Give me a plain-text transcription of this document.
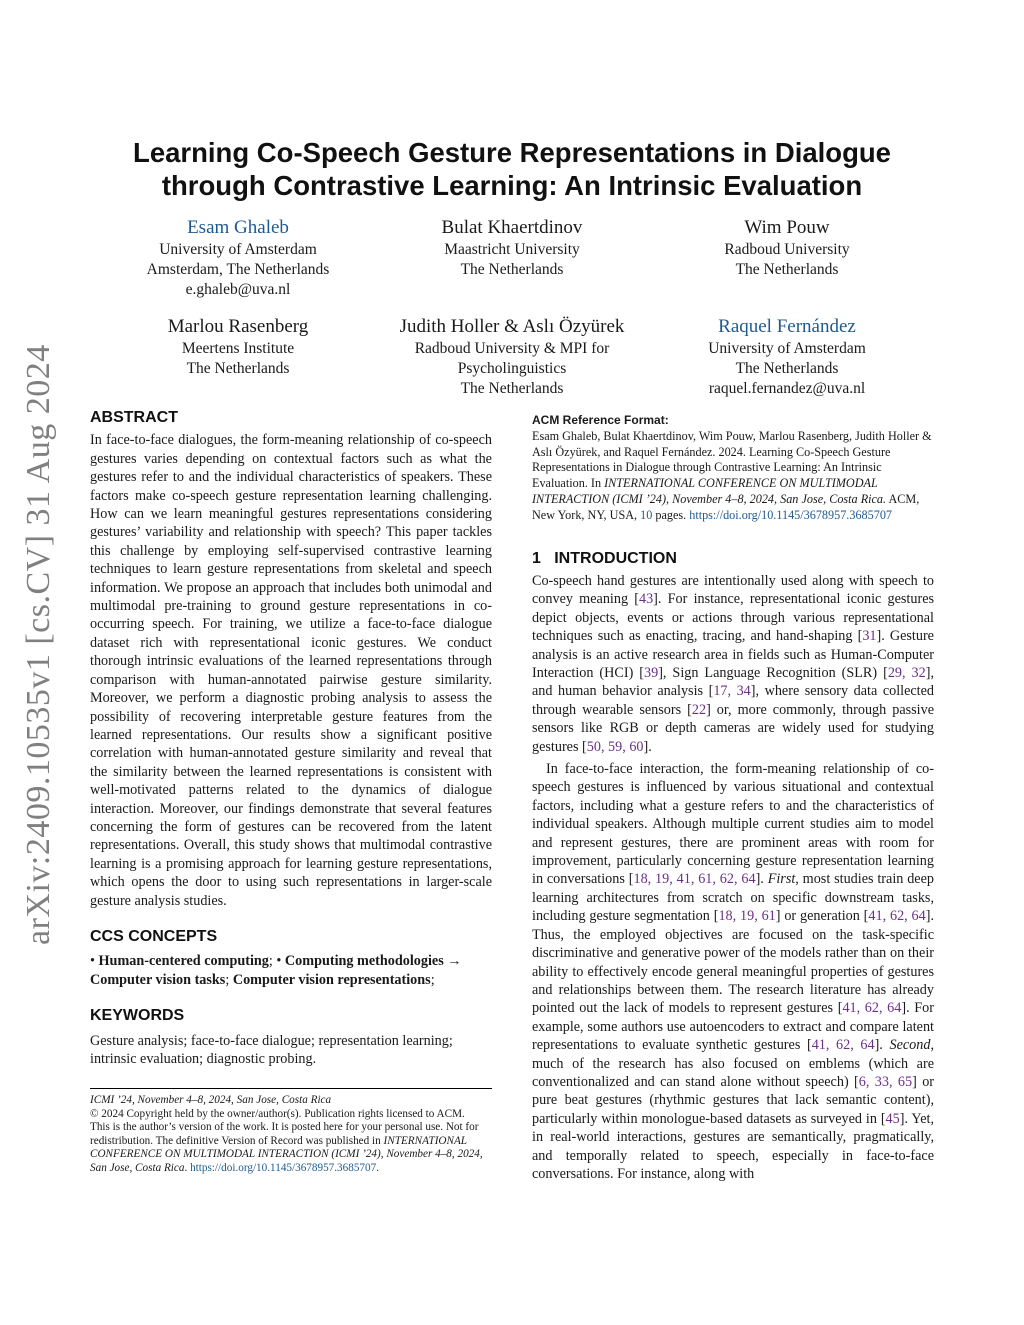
arXiv:2409.10535v1 [cs.CV] 31 Aug 2024
Learning Co-Speech Gesture Representations in Dialogue
through Contrastive Learning: An Intrinsic Evaluation
Esam Ghaleb
University of Amsterdam
Amsterdam, The Netherlands
e.ghaleb@uva.nl
Bulat Khaertdinov
Maastricht University
The Netherlands
Wim Pouw
Radboud University
The Netherlands
Marlou Rasenberg
Meertens Institute
The Netherlands
Judith Holler & Aslı Özyürek
Radboud University & MPI for
Psycholinguistics
The Netherlands
Raquel Fernández
University of Amsterdam
The Netherlands
raquel.fernandez@uva.nl
ABSTRACT

In face-to-face dialogues, the form-meaning relationship of co-speech gestures varies depending on contextual factors such as what the gestures refer to and the individual characteristics of speakers. These factors make co-speech gesture representation learning challenging. How can we learn meaningful gestures representations considering gestures’ variability and relationship with speech? This paper tackles this challenge by employing self-supervised contrastive learning techniques to learn gesture representations from skeletal and speech information. We propose an approach that includes both unimodal and multimodal pre-training to ground gesture representations in co-occurring speech. For training, we utilize a face-to-face dialogue dataset rich with representational iconic gestures. We conduct thorough intrinsic evaluations of the learned representations through comparison with human-annotated pairwise gesture similarity. Moreover, we perform a diagnostic probing analysis to assess the possibility of recovering interpretable gesture features from the learned representations. Our results show a significant positive correlation with human-annotated gesture similarity and reveal that the similarity between the learned representations is consistent with well-motivated patterns related to the dynamics of dialogue interaction. Moreover, our findings demonstrate that several features concerning the form of gestures can be recovered from the latent representations. Overall, this study shows that multimodal contrastive learning is a promising approach for learning gesture representations, which opens the door to using such representations in larger-scale gesture analysis studies.

CCS CONCEPTS

• Human-centered computing; • Computing methodologies → Computer vision tasks; Computer vision representations;

KEYWORDS

Gesture analysis; face-to-face dialogue; representation learning; intrinsic evaluation; diagnostic probing.

ICMI ’24, November 4–8, 2024, San Jose, Costa Rica
© 2024 Copyright held by the owner/author(s). Publication rights licensed to ACM.
This is the author’s version of the work. It is posted here for your personal use. Not for redistribution. The definitive Version of Record was published in INTERNATIONAL CONFERENCE ON MULTIMODAL INTERACTION (ICMI ’24), November 4–8, 2024, San Jose, Costa Rica. https://doi.org/10.1145/3678957.3685707.
ACM Reference Format:
Esam Ghaleb, Bulat Khaertdinov, Wim Pouw, Marlou Rasenberg, Judith Holler & Aslı Özyürek, and Raquel Fernández. 2024. Learning Co-Speech Gesture Representations in Dialogue through Contrastive Learning: An Intrinsic Evaluation. In INTERNATIONAL CONFERENCE ON MULTIMODAL INTERACTION (ICMI ’24), November 4–8, 2024, San Jose, Costa Rica. ACM, New York, NY, USA, 10 pages. https://doi.org/10.1145/3678957.3685707
1   INTRODUCTION

Co-speech hand gestures are intentionally used along with speech to convey meaning [43]. For instance, representational iconic gestures depict objects, events or actions through various representational techniques such as enacting, tracing, and hand-shaping [31]. Gesture analysis is an active research area in fields such as Human-Computer Interaction (HCI) [39], Sign Language Recognition (SLR) [29, 32], and human behavior analysis [17, 34], where sensory data collected through wearable sensors [22] or, more commonly, through passive sensors like RGB or depth cameras are widely used for studying gestures [50, 59, 60].

In face-to-face interaction, the form-meaning relationship of co-speech gestures is influenced by various situational and contextual factors, including what a gesture refers to and the characteristics of individual speakers. Although multiple current studies aim to model and represent gestures, there are prominent areas with room for improvement, particularly concerning gesture representation learning in conversations [18, 19, 41, 61, 62, 64]. First, most studies train deep learning architectures from scratch on specific downstream tasks, including gesture segmentation [18, 19, 61] or generation [41, 62, 64]. Thus, the employed objectives are focused on the task-specific discriminative and generative power of the models rather than on their ability to effectively encode general meaningful properties of gestures and relationships between them. The research literature has already pointed out the lack of models to represent gestures [41, 62, 64]. For example, some authors use autoencoders to extract and compare latent representations to evaluate synthetic gestures [41, 62, 64]. Second, much of the research has also focused on emblems (which are conventionalized and can stand alone without speech) [6, 33, 65] or pure beat gestures (rhythmic gestures that lack semantic content), particularly within monologue-based datasets as surveyed in [45]. Yet, in real-world interactions, gestures are semantically, pragmatically, and temporally related to speech, especially in face-to-face conversations. For instance, along with
